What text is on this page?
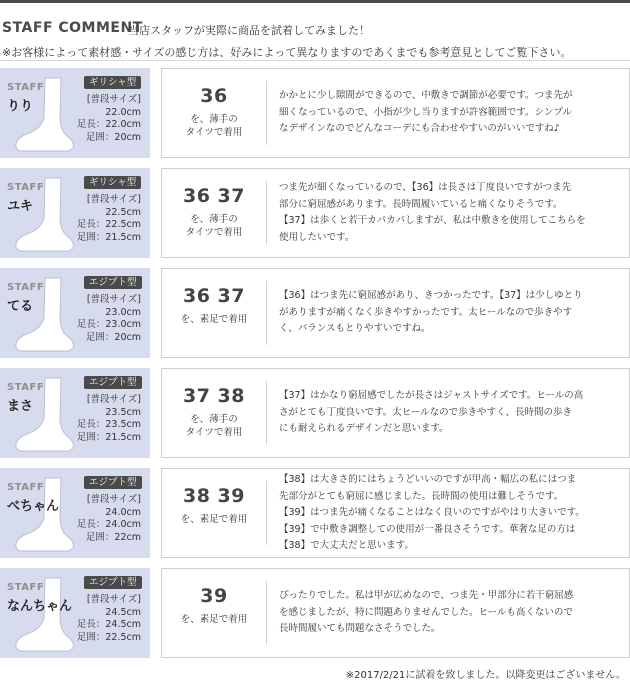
STAFF COMMENT
当店スタッフが実際に商品を試着してみました！
※お客様によって素材感・サイズの感じ方は、好みによって異なりますのであくまでも参考意見としてご覧下さい。
STAFF
りり
ギリシャ型
[普段サイズ]
22.0cm
足長：22.0cm
足囲：20cm
36
を、薄手の
タイツで着用
かかとに少し隙間ができるので、中敷きで調節が必要です。つま先が
細くなっているので、小指が少し当りますが許容範囲です。シンプル
なデザインなのでどんなコーデにも合わせやすいのがいいですね♪
STAFF
ユキ
ギリシャ型
[普段サイズ]
22.5cm
足長：22.5cm
足囲：21.5cm
36 37
を、薄手の
タイツで着用
つま先が細くなっているので、【36】は長さは丁度良いですがつま先
部分に窮屈感があります。長時間履いていると痛くなりそうです。
【37】は歩くと若干カパカパしますが、私は中敷きを使用してこちらを
使用したいです。
STAFF
てる
エジプト型
[普段サイズ]
23.0cm
足長：23.0cm
足囲：20cm
36 37
を、素足で着用
【36】はつま先に窮屈感があり、きつかったです。【37】は少しゆとり
がありますが痛くなく歩きやすかったです。太ヒールなので歩きやす
く、バランスもとりやすいですね。
STAFF
まさ
エジプト型
[普段サイズ]
23.5cm
足長：23.5cm
足囲：21.5cm
37 38
を、薄手の
タイツで着用
【37】はかなり窮屈感でしたが長さはジャストサイズです。ヒールの高
さがとても丁度良いです。太ヒールなので歩きやすく、長時間の歩き
にも耐えられるデザインだと思います。
STAFF
べちゃん
エジプト型
[普段サイズ]
24.0cm
足長：24.0cm
足囲：22cm
38 39
を、素足で着用
【38】は大きさ的にはちょうどいいのですが甲高・幅広の私にはつま
先部分がとても窮屈に感じました。長時間の使用は難しそうです。
【39】はつま先が痛くなることはなく良いのですがやはり大きいです。
【39】で中敷き調整しての使用が一番良さそうです。華奢な足の方は
【38】で大丈夫だと思います。
STAFF
なんちゃん
エジプト型
[普段サイズ]
24.5cm
足長：24.5cm
足囲：22.5cm
39
を、素足で着用
ぴったりでした。私は甲が広めなので、つま先・甲部分に若干窮屈感
を感じましたが、特に問題ありませんでした。ヒールも高くないので
長時間履いても問題なさそうでした。
※2017/2/21に試着を致しました。以降変更はございません。
